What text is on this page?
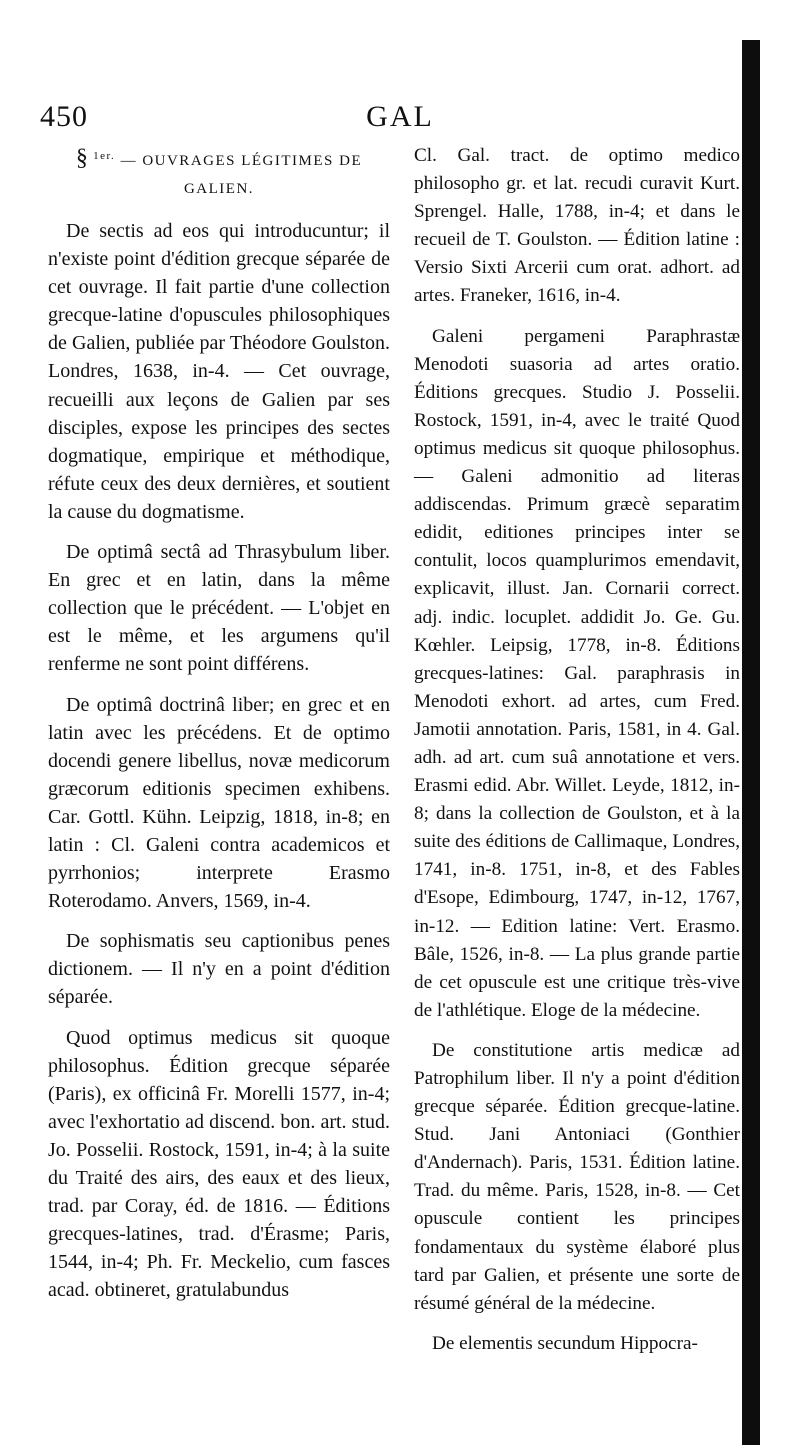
450	GAL
§ $^{1er.}$ — OUVRAGES LÉGITIMES DE GALIEN.

De sectis ad eos qui introducuntur; il n'existe point d'édition grecque séparée de cet ouvrage. Il fait partie d'une collection grecque-latine d'opuscules philosophiques de Galien, publiée par Théodore Goulston. Londres, 1638, in-4. — Cet ouvrage, recueilli aux leçons de Galien par ses disciples, expose les principes des sectes dogmatique, empirique et méthodique, réfute ceux des deux dernières, et soutient la cause du dogmatisme.

De optimâ sectâ ad Thrasybulum liber. En grec et en latin, dans la même collection que le précédent. — L'objet en est le même, et les argumens qu'il renferme ne sont point différens.

De optimâ doctrinâ liber; en grec et en latin avec les précédens. Et de optimo docendi genere libellus, novæ medicorum græcorum editionis specimen exhibens. Car. Gottl. Kühn. Leipzig, 1818, in-8; en latin : Cl. Galeni contra academicos et pyrrhonios; interprete Erasmo Roterodamo. Anvers, 1569, in-4.

De sophismatis seu captionibus penes dictionem. — Il n'y en a point d'édition séparée.

Quod optimus medicus sit quoque philosophus. Édition grecque séparée (Paris), ex officinâ Fr. Morelli 1577, in-4; avec l'exhortatio ad discend. bon. art. stud. Jo. Posselii. Rostock, 1591, in-4; à la suite du Traité des airs, des eaux et des lieux, trad. par Coray, éd. de 1816. — Éditions grecques-latines, trad. d'Érasme; Paris, 1544, in-4; Ph. Fr. Meckelio, cum fasces acad. obtineret, gratulabundus

Cl. Gal. tract. de optimo medico philosopho gr. et lat. recudi curavit Kurt. Sprengel. Halle, 1788, in-4; et dans le recueil de T. Goulston. — Édition latine : Versio Sixti Arcerii cum orat. adhort. ad artes. Franeker, 1616, in-4.

Galeni pergameni Paraphrastæ Menodoti suasoria ad artes oratio. Éditions grecques. Studio J. Posselii. Rostock, 1591, in-4, avec le traité Quod optimus medicus sit quoque philosophus. — Galeni admonitio ad literas addiscendas. Primum græcè separatim edidit, editiones principes inter se contulit, locos quamplurimos emendavit, explicavit, illust. Jan. Cornarii correct. adj. indic. locuplet. addidit Jo. Ge. Gu. Kœhler. Leipsig, 1778, in-8. Éditions grecques-latines: Gal. paraphrasis in Menodoti exhort. ad artes, cum Fred. Jamotii annotation. Paris, 1581, in 4. Gal. adh. ad art. cum suâ annotatione et vers. Erasmi edid. Abr. Willet. Leyde, 1812, in-8; dans la collection de Goulston, et à la suite des éditions de Callimaque, Londres, 1741, in-8. 1751, in-8, et des Fables d'Esope, Edimbourg, 1747, in-12, 1767, in-12. — Edition latine: Vert. Erasmo. Bâle, 1526, in-8. — La plus grande partie de cet opuscule est une critique très-vive de l'athlétique. Eloge de la médecine.

De constitutione artis medicæ ad Patrophilum liber. Il n'y a point d'édition grecque séparée. Édition grecque-latine. Stud. Jani Antoniaci (Gonthier d'Andernach). Paris, 1531. Édition latine. Trad. du même. Paris, 1528, in-8. — Cet opuscule contient les principes fondamentaux du système élaboré plus tard par Galien, et présente une sorte de résumé général de la médecine.

De elementis secundum Hippocra-
